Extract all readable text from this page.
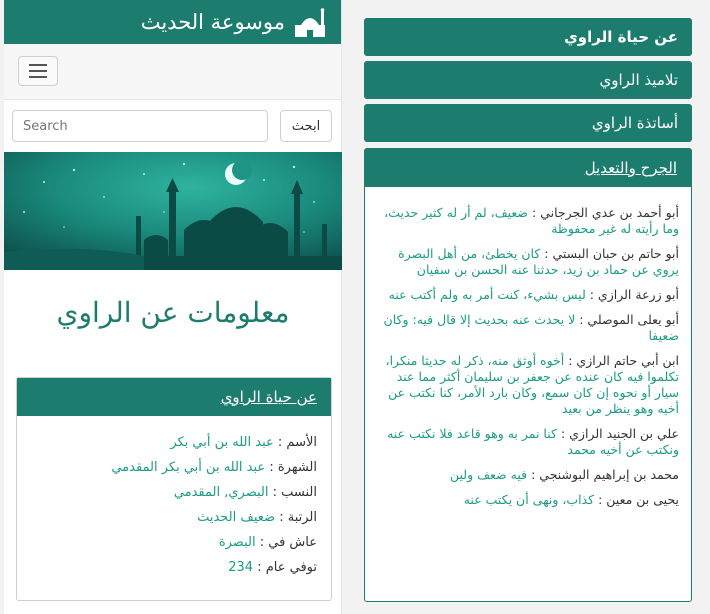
موسوعة الحديث
Search
ابحث
معلومات عن الراوي
عن حياة الراوي
الأسم : عبد الله بن أبي بكر
الشهرة : عبد الله بن أبي بكر المقدمي
النسب : البصري, المقدمي
الرتبة : ضعيف الحديث
عاش في : البصرة
توفي عام : 234
عن حياة الراوي
تلاميذ الراوي
أساتذة الراوي
الجرح والتعديل
أبو أحمد بن عدي الجرجاني : ضعيف، لم أر له كثير حديث، وما رأيته له غير محفوظة
أبو حاتم بن حبان البستي : كان يخطئ، من أهل البصرة يروي عن حماد بن زيد، حدثنا عنه الحسن بن سفيان
أبو زرعة الرازي : ليس بشيء، كنت أمر به ولم أكتب عنه
أبو يعلى الموصلي : لا يحدث عنه بحديث إلا قال فيه: وكان ضعيفا
ابن أبي حاتم الرازي : أخوه أوثق منه، ذكر له حديثا منكرا، تكلموا فيه كان عنده عن جعفر بن سليمان أكثر مما عند سيار أو نحوه إن كان سمع، وكان بارد الأمر، كنا نكتب عن أخيه وهو ينظر من بعيد
علي بن الجنيد الرازي : كنا نمر به وهو قاعد فلا نكتب عنه ونكتب عن أخيه محمد
محمد بن إبراهيم البوشنجي : فيه ضعف ولين
يحيى بن معين : كذاب، ونهى أن يكتب عنه
